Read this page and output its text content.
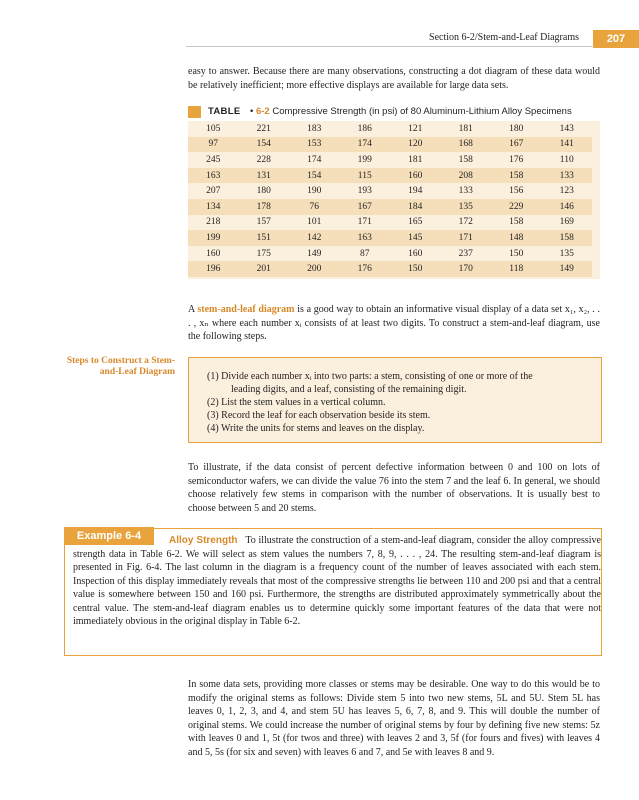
Section 6-2/Stem-and-Leaf Diagrams	207
easy to answer. Because there are many observations, constructing a dot diagram of these data would be relatively inefficient; more effective displays are available for large data sets.
TABLE • 6-2 Compressive Strength (in psi) of 80 Aluminum-Lithium Alloy Specimens
105	221	183	186	121	181	180	143
97	154	153	174	120	168	167	141
245	228	174	199	181	158	176	110
163	131	154	115	160	208	158	133
207	180	190	193	194	133	156	123
134	178	76	167	184	135	229	146
218	157	101	171	165	172	158	169
199	151	142	163	145	171	148	158
160	175	149	87	160	237	150	135
196	201	200	176	150	170	118	149
A stem-and-leaf diagram is a good way to obtain an informative visual display of a data set x₁, x₂, . . . , xₙ where each number xᵢ consists of at least two digits. To construct a stem-and-leaf diagram, use the following steps.
Steps to Construct a Stem-and-Leaf Diagram	(1) Divide each number xᵢ into two parts: a stem, consisting of one or more of the
leading digits, and a leaf, consisting of the remaining digit.
(2) List the stem values in a vertical column.
(3) Record the leaf for each observation beside its stem.
(4) Write the units for stems and leaves on the display.
To illustrate, if the data consist of percent defective information between 0 and 100 on lots of semiconductor wafers, we can divide the value 76 into the stem 7 and the leaf 6. In general, we should choose relatively few stems in comparison with the number of observations. It is usually best to choose between 5 and 20 stems.
Example 6-4	Alloy Strength To illustrate the construction of a stem-and-leaf diagram, consider the alloy compressive strength data in Table 6-2. We will select as stem values the numbers 7, 8, 9, . . . , 24. The resulting stem-and-leaf diagram is presented in Fig. 6-4. The last column in the diagram is a frequency count of the number of leaves associated with each stem. Inspection of this display immediately reveals that most of the compressive strengths lie between 110 and 200 psi and that a central value is somewhere between 150 and 160 psi. Furthermore, the strengths are distributed approximately symmetrically about the central value. The stem-and-leaf diagram enables us to determine quickly some important features of the data that were not immediately obvious in the original display in Table 6-2.
In some data sets, providing more classes or stems may be desirable. One way to do this would be to modify the original stems as follows: Divide stem 5 into two new stems, 5L and 5U. Stem 5L has leaves 0, 1, 2, 3, and 4, and stem 5U has leaves 5, 6, 7, 8, and 9. This will double the number of original stems. We could increase the number of original stems by four by defining five new stems: 5z with leaves 0 and 1, 5t (for twos and three) with leaves 2 and 3, 5f (for fours and fives) with leaves 4 and 5, 5s (for six and seven) with leaves 6 and 7, and 5e with leaves 8 and 9.
